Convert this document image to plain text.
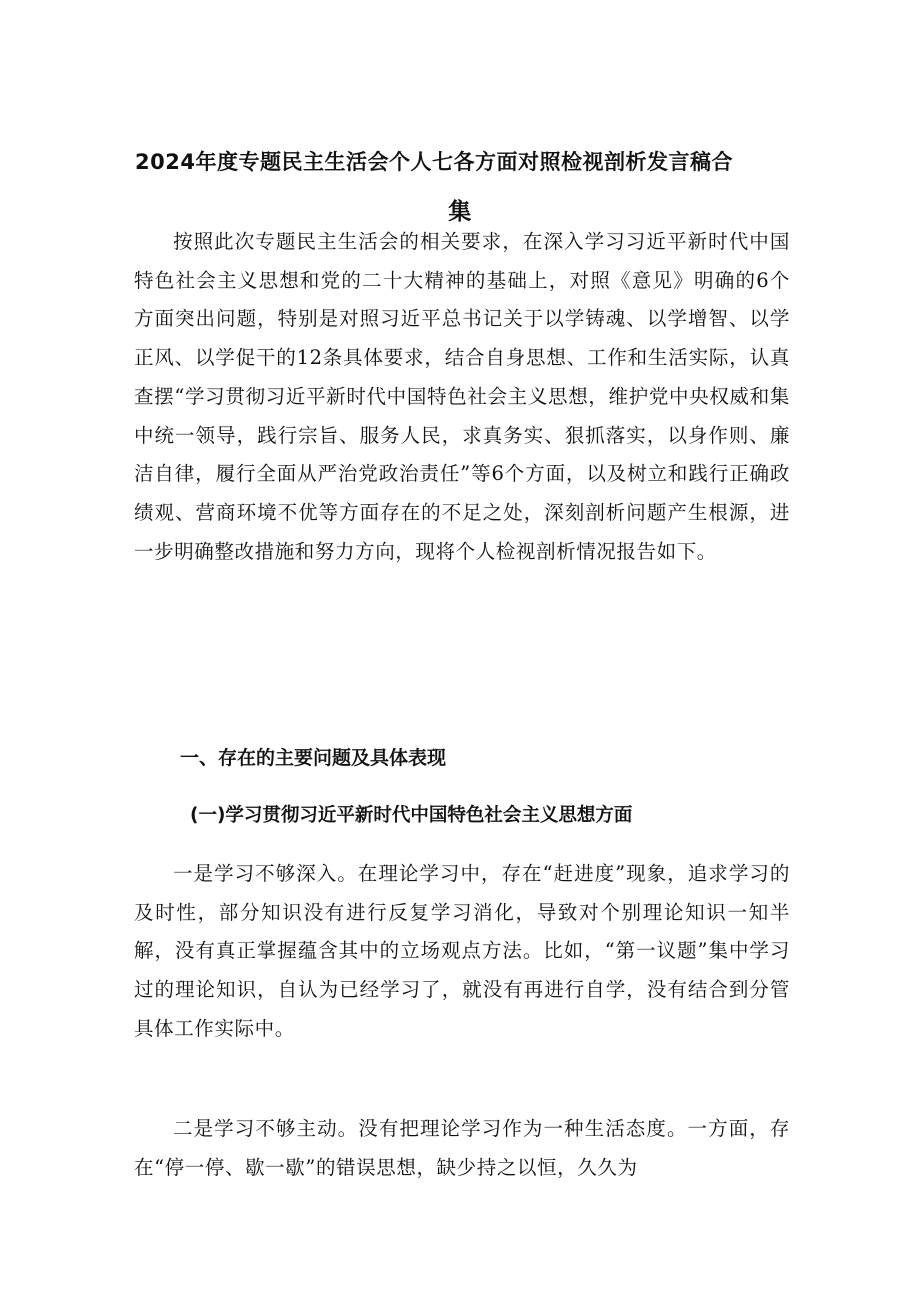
2024年度专题民主生活会个人七各方面对照检视剖析发言稿合
集

按照此次专题民主生活会的相关要求，在深入学习习近平新时代中国特色社会主义思想和党的二十大精神的基础上，对照《意见》明确的6个方面突出问题，特别是对照习近平总书记关于以学铸魂、以学增智、以学正风、以学促干的12条具体要求，结合自身思想、工作和生活实际，认真查摆“学习贯彻习近平新时代中国特色社会主义思想，维护党中央权威和集中统一领导，践行宗旨、服务人民，求真务实、狠抓落实，以身作则、廉洁自律，履行全面从严治党政治责任”等6个方面，以及树立和践行正确政绩观、营商环境不优等方面存在的不足之处，深刻剖析问题产生根源，进一步明确整改措施和努力方向，现将个人检视剖析情况报告如下。

一、存在的主要问题及具体表现
(一)学习贯彻习近平新时代中国特色社会主义思想方面

一是学习不够深入。在理论学习中，存在“赶进度”现象，追求学习的及时性，部分知识没有进行反复学习消化，导致对个别理论知识一知半解，没有真正掌握蕴含其中的立场观点方法。比如，“第一议题”集中学习过的理论知识，自认为已经学习了，就没有再进行自学，没有结合到分管具体工作实际中。

二是学习不够主动。没有把理论学习作为一种生活态度。一方面，存在“停一停、歇一歇”的错误思想，缺少持之以恒，久久为
